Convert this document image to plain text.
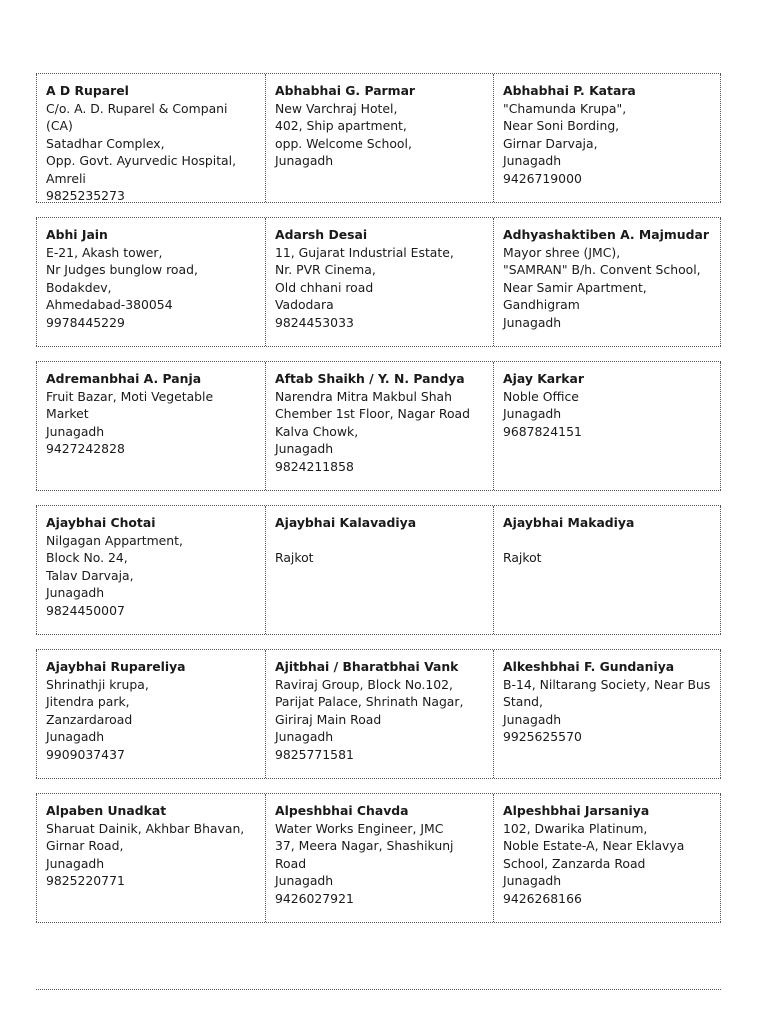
A D Ruparel
C/o. A. D. Ruparel & Compani
(CA)
Satadhar Complex,
Opp. Govt. Ayurvedic Hospital,
Amreli
9825235273
Abhabhai G. Parmar
New Varchraj Hotel,
402, Ship apartment,
opp. Welcome School,
Junagadh
Abhabhai P. Katara
"Chamunda Krupa",
Near Soni Bording,
Girnar Darvaja,
Junagadh
9426719000
Abhi Jain
E-21, Akash tower,
Nr Judges bunglow road,
Bodakdev,
Ahmedabad-380054
9978445229
Adarsh Desai
11, Gujarat Industrial Estate,
Nr. PVR Cinema,
Old chhani road
Vadodara
9824453033
Adhyashaktiben A. Majmudar
Mayor shree (JMC),
"SAMRAN" B/h. Convent School,
Near Samir Apartment,
Gandhigram
Junagadh
Adremanbhai A. Panja
Fruit Bazar, Moti Vegetable
Market
Junagadh
9427242828
Aftab Shaikh / Y. N. Pandya
Narendra Mitra Makbul Shah
Chember 1st Floor, Nagar Road
Kalva Chowk,
Junagadh
9824211858
Ajay Karkar
Noble Office
Junagadh
9687824151
Ajaybhai Chotai
Nilgagan Appartment,
Block No. 24,
Talav Darvaja,
Junagadh
9824450007
Ajaybhai Kalavadiya
Rajkot
Ajaybhai Makadiya
Rajkot
Ajaybhai Rupareliya
Shrinathji krupa,
Jitendra park,
Zanzardaroad
Junagadh
9909037437
Ajitbhai / Bharatbhai Vank
Raviraj Group, Block No.102,
Parijat Palace, Shrinath Nagar,
Giriraj Main Road
Junagadh
9825771581
Alkeshbhai F. Gundaniya
B-14, Niltarang Society, Near Bus
Stand,
Junagadh
9925625570
Alpaben Unadkat
Sharuat Dainik, Akhbar Bhavan,
Girnar Road,
Junagadh
9825220771
Alpeshbhai Chavda
Water Works Engineer, JMC
37, Meera Nagar, Shashikunj
Road
Junagadh
9426027921
Alpeshbhai Jarsaniya
102, Dwarika Platinum,
Noble Estate-A, Near Eklavya
School, Zanzarda Road
Junagadh
9426268166
